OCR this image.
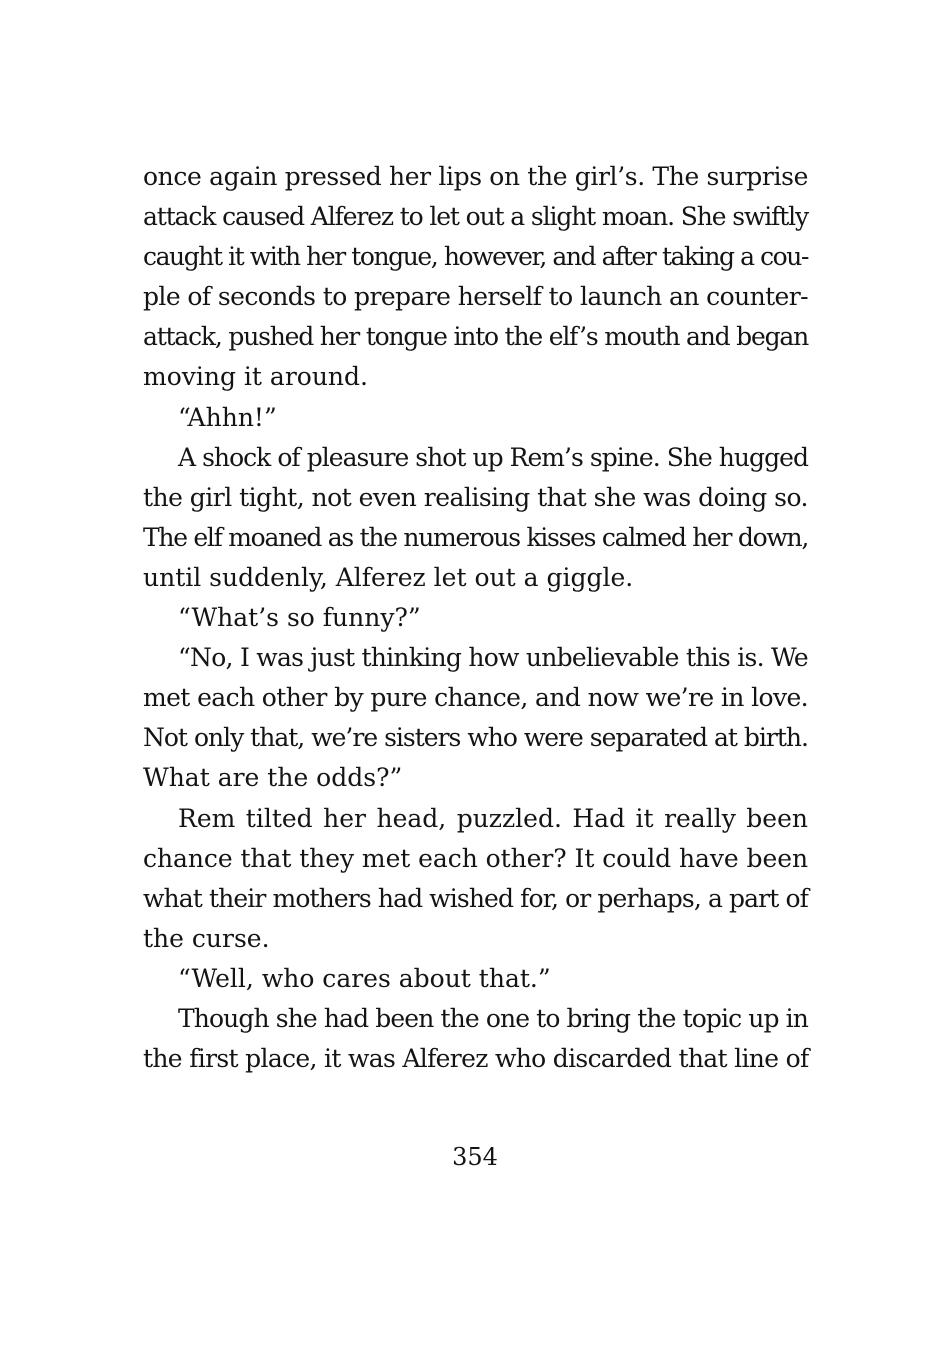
once again pressed her lips on the girl’s. The surprise
attack caused Alferez to let out a slight moan. She swiftly
caught it with her tongue, however, and after taking a cou-
ple of seconds to prepare herself to launch an counter-
attack, pushed her tongue into the elf’s mouth and began
moving it around.
“Ahhn!”
A shock of pleasure shot up Rem’s spine. She hugged
the girl tight, not even realising that she was doing so.
The elf moaned as the numerous kisses calmed her down,
until suddenly, Alferez let out a giggle.
“What’s so funny?”
“No, I was just thinking how unbelievable this is. We
met each other by pure chance, and now we’re in love.
Not only that, we’re sisters who were separated at birth.
What are the odds?”
Rem tilted her head, puzzled. Had it really been
chance that they met each other? It could have been
what their mothers had wished for, or perhaps, a part of
the curse.
“Well, who cares about that.”
Though she had been the one to bring the topic up in
the first place, it was Alferez who discarded that line of
354
